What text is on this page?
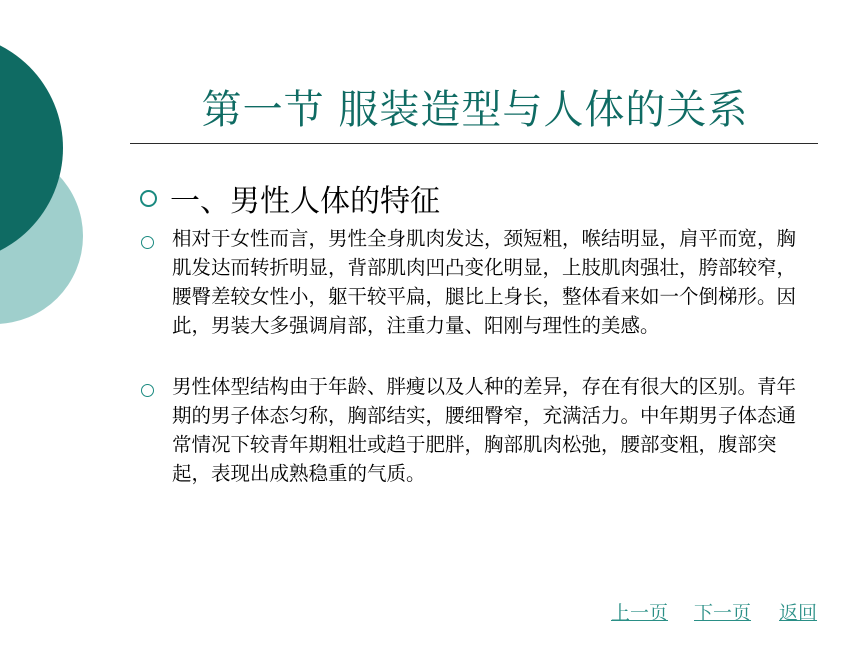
第一节 服装造型与人体的关系
一、男性人体的特征
相对于女性而言，男性全身肌肉发达，颈短粗，喉结明显，肩平而宽，胸肌发达而转折明显，背部肌肉凹凸变化明显，上肢肌肉强壮，胯部较窄，腰臀差较女性小，躯干较平扁，腿比上身长，整体看来如一个倒梯形。因此，男装大多强调肩部，注重力量、阳刚与理性的美感。
男性体型结构由于年龄、胖瘦以及人种的差异，存在有很大的区别。青年期的男子体态匀称，胸部结实，腰细臀窄，充满活力。中年期男子体态通常情况下较青年期粗壮或趋于肥胖，胸部肌肉松弛，腰部变粗，腹部突起，表现出成熟稳重的气质。
上一页 下一页 返回
